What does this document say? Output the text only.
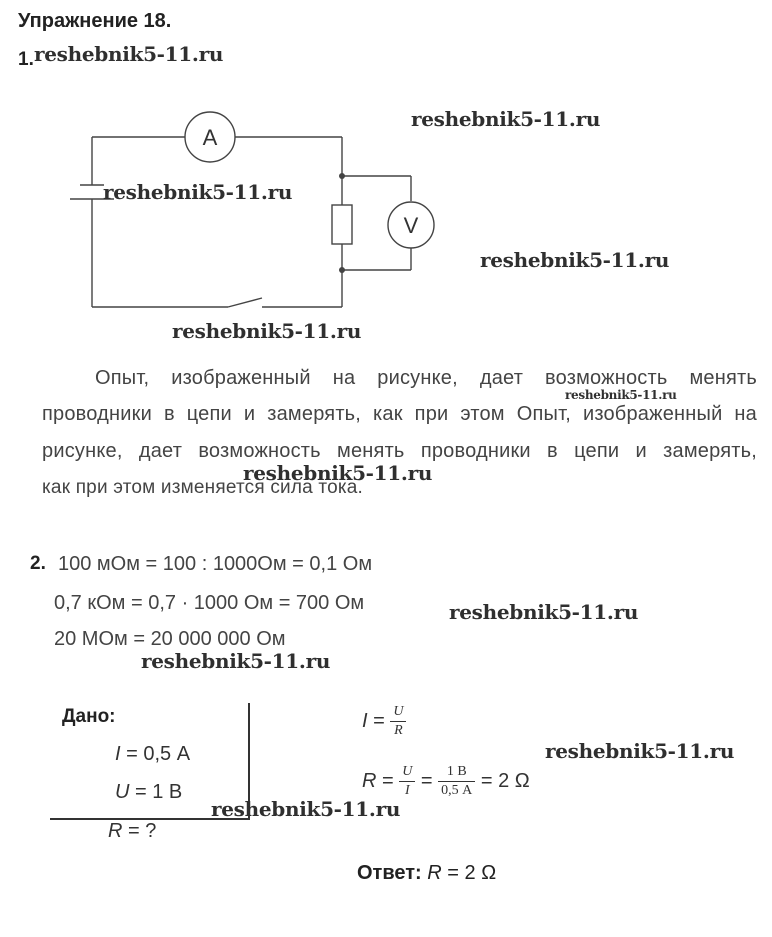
Упражнение 18.
1.
A
V
Опыт, изображенный на рисунке, дает возможность менять
проводники в цепи и замерять, как при этом Опыт, изображенный на
рисунке, дает возможность менять проводники в цепи и замерять,
как при этом изменяется сила тока.
2. 100 мОм = 100 : 1000Ом = 0,1 Ом
0,7 кОм = 0,7 · 1000 Ом = 700 Ом
20 МОм = 20 000 000 Ом
Дано:
I = 0,5 А
U = 1 В
R = ?
$I = \frac{U}{R}$
$R = \frac{U}{I} = \frac{1 В}{0,5 А} = 2$ Ω
Ответ: R = 2 Ω
reshebnik5-11.ru
reshebnik5-11.ru
reshebnik5-11.ru
reshebnik5-11.ru
reshebnik5-11.ru
reshebnik5-11.ru
reshebnik5-11.ru
reshebnik5-11.ru
reshebnik5-11.ru
reshebnik5-11.ru
reshebnik5-11.ru
